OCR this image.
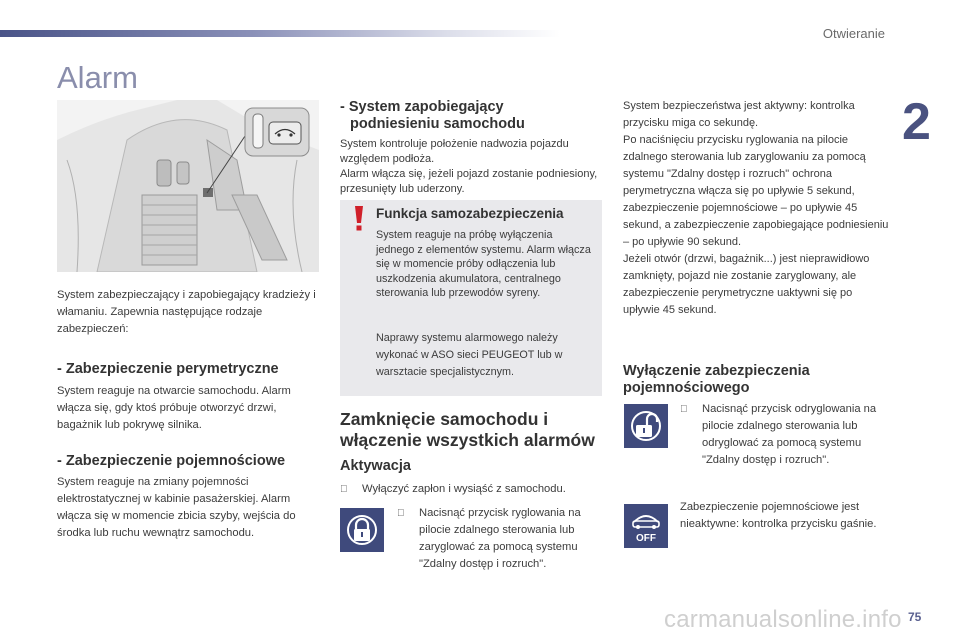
Otwieranie
2
Alarm
System zabezpieczający i zapobiegający kradzieży i włamaniu. Zapewnia następujące rodzaje zabezpieczeń:
- Zabezpieczenie perymetryczne
System reaguje na otwarcie samochodu. Alarm włącza się, gdy ktoś próbuje otworzyć drzwi, bagażnik lub pokrywę silnika.
- Zabezpieczenie pojemnościowe
System reaguje na zmiany pojemności elektrostatycznej w kabinie pasażerskiej. Alarm włącza się w momencie zbicia szyby, wejścia do środka lub ruchu wewnątrz samochodu.
- System zapobiegający
podniesieniu samochodu

System kontroluje położenie nadwozia pojazdu względem podłoża.

Alarm włącza się, jeżeli pojazd zostanie podniesiony, przesunięty lub uderzony.

Funkcja samozabezpieczenia
System reaguje na próbę wyłączenia jednego z elementów systemu. Alarm włącza się w momencie próby odłączenia lub uszkodzenia akumulatora, centralnego sterowania lub przewodów syreny.
Naprawy systemu alarmowego należy wykonać w ASO sieci PEUGEOT lub w warsztacie specjalistycznym.
Zamknięcie samochodu i
włączenie wszystkich alarmów
Aktywacja
Wyłączyć zapłon i wysiąść z samochodu.
Nacisnąć przycisk ryglowania na pilocie zdalnego sterowania lub zaryglować za pomocą systemu "Zdalny dostęp i rozruch".

System bezpieczeństwa jest aktywny: kontrolka przycisku miga co sekundę.

Po naciśnięciu przycisku ryglowania na pilocie zdalnego sterowania lub zaryglowaniu za pomocą systemu "Zdalny dostęp i rozruch" ochrona perymetryczna włącza się po upływie 5 sekund, zabezpieczenie pojemnościowe – po upływie 45 sekund, a zabezpieczenie zapobiegające podniesieniu – po upływie 90 sekund.

Jeżeli otwór (drzwi, bagażnik...) jest nieprawidłowo zamknięty, pojazd nie zostanie zaryglowany, ale zabezpieczenie perymetryczne uaktywni się po upływie 45 sekund.

Wyłączenie zabezpieczenia
pojemnościowego
Nacisnąć przycisk odryglowania na pilocie zdalnego sterowania lub odryglować za pomocą systemu "Zdalny dostęp i rozruch".
OFF
Zabezpieczenie pojemnościowe jest nieaktywne: kontrolka przycisku gaśnie.
carmanualsonline.info 75
